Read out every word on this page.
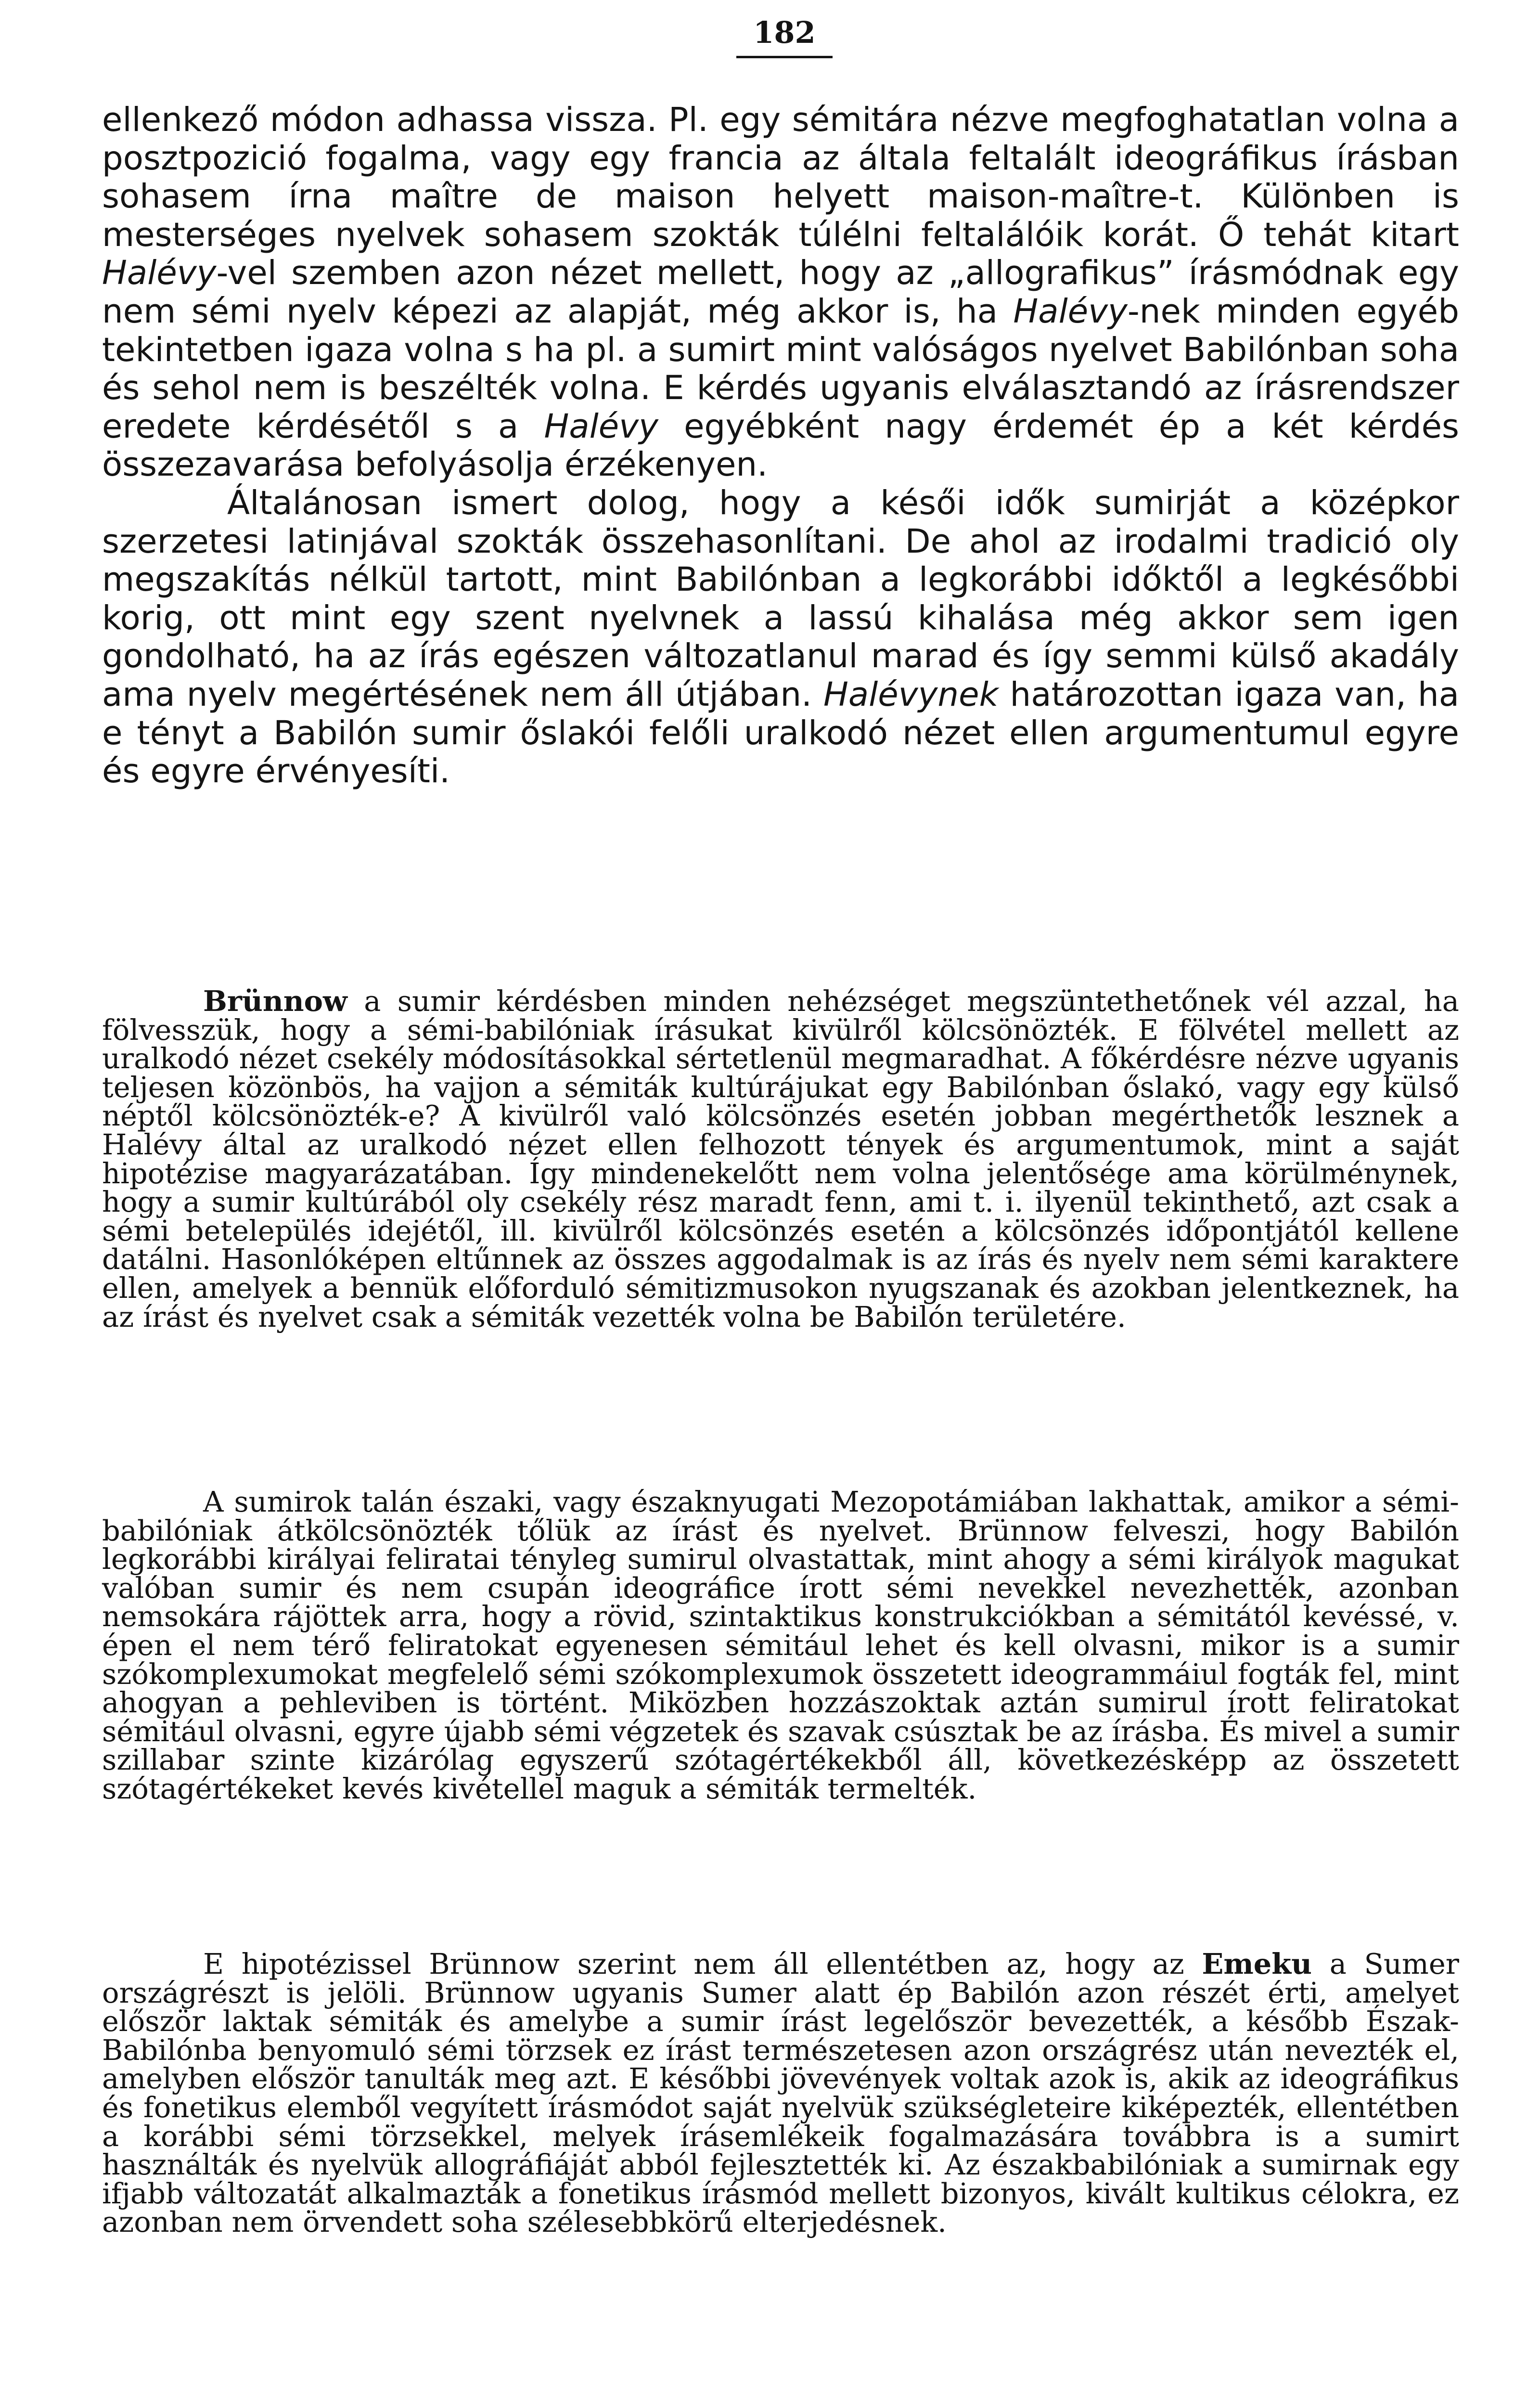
182

ellenkező módon adhassa vissza. Pl. egy sémitára nézve megfoghatatlan volna a posztpozició fogalma, vagy egy francia az általa feltalált ideográfikus írásban sohasem írna maître de maison helyett maison-maître-t. Különben is mesterséges nyelvek sohasem szokták túlélni feltalálóik korát. Ő tehát kitart Halévy-vel szemben azon nézet mellett, hogy az „allografikus” írásmódnak egy nem sémi nyelv képezi az alapját, még akkor is, ha Halévy-nek minden egyéb tekintetben igaza volna s ha pl. a sumirt mint valóságos nyelvet Babilónban soha és sehol nem is beszélték volna. E kérdés ugyanis elválasztandó az írásrendszer eredete kérdésétől s a Halévy egyébként nagy érdemét ép a két kérdés összezavarása befolyásolja érzékenyen.

Általánosan ismert dolog, hogy a késői idők sumirját a középkor szerzetesi latinjával szokták összehasonlítani. De ahol az irodalmi tradició oly megszakítás nélkül tartott, mint Babilónban a legkorábbi időktől a legkésőbbi korig, ott mint egy szent nyelvnek a lassú kihalása még akkor sem igen gondolható, ha az írás egészen változatlanul marad és így semmi külső akadály ama nyelv megértésének nem áll útjában. Halévynek határozottan igaza van, ha e tényt a Babilón sumir őslakói felőli uralkodó nézet ellen argumentumul egyre és egyre érvényesíti.

Brünnow a sumir kérdésben minden nehézséget megszüntethetőnek vél azzal, ha fölvesszük, hogy a sémi-babilóniak írásukat kivülről kölcsönözték. E fölvétel mellett az uralkodó nézet csekély módosításokkal sértetlenül megmaradhat. A főkérdésre nézve ugyanis teljesen közönbös, ha vajjon a sémiták kultúrájukat egy Babilónban őslakó, vagy egy külső néptől kölcsönözték-e? A kivülről való kölcsönzés esetén jobban megérthetők lesznek a Halévy által az uralkodó nézet ellen felhozott tények és argumentumok, mint a saját hipotézise magyarázatában. Így mindenekelőtt nem volna jelentősége ama körülménynek, hogy a sumir kultúrából oly csekély rész maradt fenn, ami t. i. ilyenül tekinthető, azt csak a sémi betelepülés idejétől, ill. kivülről kölcsönzés esetén a kölcsönzés időpontjától kellene datálni. Hasonlóképen eltűnnek az összes aggodalmak is az írás és nyelv nem sémi karaktere ellen, amelyek a bennük előforduló sémitizmusokon nyugszanak és azokban jelentkeznek, ha az írást és nyelvet csak a sémiták vezették volna be Babilón területére.

A sumirok talán északi, vagy északnyugati Mezopotámiában lakhattak, amikor a sémi-babilóniak átkölcsönözték tőlük az írást és nyelvet. Brünnow felveszi, hogy Babilón legkorábbi királyai feliratai tényleg sumirul olvastattak, mint ahogy a sémi királyok magukat valóban sumir és nem csupán ideográfice írott sémi nevekkel nevezhették, azonban nemsokára rájöttek arra, hogy a rövid, szintaktikus konstrukciókban a sémitától kevéssé, v. épen el nem térő feliratokat egyenesen sémitául lehet és kell olvasni, mikor is a sumir szókomplexumokat megfelelő sémi szókomplexumok összetett ideogrammáiul fogták fel, mint ahogyan a pehleviben is történt. Miközben hozzászoktak aztán sumirul írott feliratokat sémitául olvasni, egyre újabb sémi végzetek és szavak csúsztak be az írásba. És mivel a sumir szillabar szinte kizárólag egyszerű szótagértékekből áll, következésképp az összetett szótagértékeket kevés kivétellel maguk a sémiták termelték.

E hipotézissel Brünnow szerint nem áll ellentétben az, hogy az Emeku a Sumer országrészt is jelöli. Brünnow ugyanis Sumer alatt ép Babilón azon részét érti, amelyet először laktak sémiták és amelybe a sumir írást legelőször bevezették, a később Észak-Babilónba benyomuló sémi törzsek ez írást természetesen azon országrész után nevezték el, amelyben először tanulták meg azt. E későbbi jövevények voltak azok is, akik az ideográfikus és fonetikus elemből vegyített írásmódot saját nyelvük szükségleteire kiképezték, ellentétben a korábbi sémi törzsekkel, melyek írásemlékeik fogalmazására továbbra is a sumirt használták és nyelvük allográfiáját abból fejlesztették ki. Az északbabilóniak a sumirnak egy ifjabb változatát alkalmazták a fonetikus írásmód mellett bizonyos, kivált kultikus célokra, ez azonban nem örvendett soha szélesebbkörű elterjedésnek.
